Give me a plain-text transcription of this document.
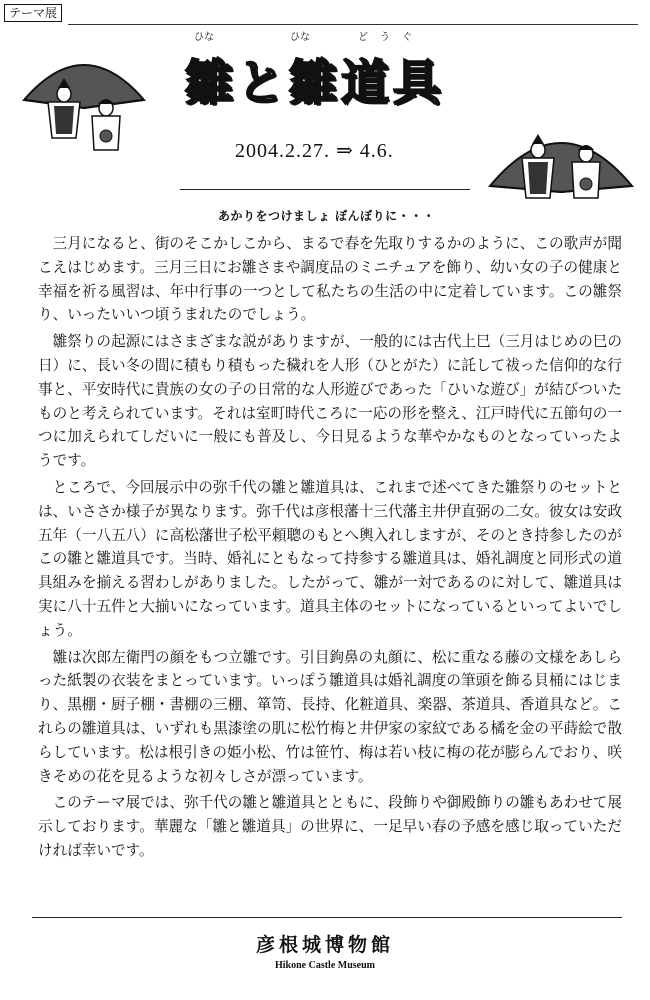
テーマ展
ひな	ひな	どうぐ
雛と雛道具
2004.2.27. ⇒ 4.6.
あかりをつけましょ ぼんぼりに・・・

三月になると、街のそこかしこから、まるで春を先取りするかのように、この歌声が聞こえはじめます。三月三日にお雛さまや調度品のミニチュアを飾り、幼い女の子の健康と幸福を祈る風習は、年中行事の一つとして私たちの生活の中に定着しています。この雛祭り、いったいいつ頃うまれたのでしょう。

雛祭りの起源にはさまざまな説がありますが、一般的には古代上巳（三月はじめの巳の日）に、長い冬の間に積もり積もった穢れを人形（ひとがた）に託して祓った信仰的な行事と、平安時代に貴族の女の子の日常的な人形遊びであった「ひいな遊び」が結びついたものと考えられています。それは室町時代ころに一応の形を整え、江戸時代に五節句の一つに加えられてしだいに一般にも普及し、今日見るような華やかなものとなっていったようです。

ところで、今回展示中の弥千代の雛と雛道具は、これまで述べてきた雛祭りのセットとは、いささか様子が異なります。弥千代は彦根藩十三代藩主井伊直弼の二女。彼女は安政五年（一八五八）に高松藩世子松平頼聰のもとへ輿入れしますが、そのとき持参したのがこの雛と雛道具です。当時、婚礼にともなって持参する雛道具は、婚礼調度と同形式の道具組みを揃える習わしがありました。したがって、雛が一対であるのに対して、雛道具は実に八十五件と大揃いになっています。道具主体のセットになっているといってよいでしょう。

雛は次郎左衛門の顔をもつ立雛です。引目鉤鼻の丸顔に、松に重なる藤の文様をあしらった紙製の衣装をまとっています。いっぽう雛道具は婚礼調度の筆頭を飾る貝桶にはじまり、黒棚・厨子棚・書棚の三棚、箪笥、長持、化粧道具、楽器、茶道具、香道具など。これらの雛道具は、いずれも黒漆塗の肌に松竹梅と井伊家の家紋である橘を金の平蒔絵で散らしています。松は根引きの姫小松、竹は笹竹、梅は若い枝に梅の花が膨らんでおり、咲きそめの花を見るような初々しさが漂っています。

このテーマ展では、弥千代の雛と雛道具とともに、段飾りや御殿飾りの雛もあわせて展示しております。華麗な「雛と雛道具」の世界に、一足早い春の予感を感じ取っていただければ幸いです。

彦根城博物館
Hikone Castle Museum
